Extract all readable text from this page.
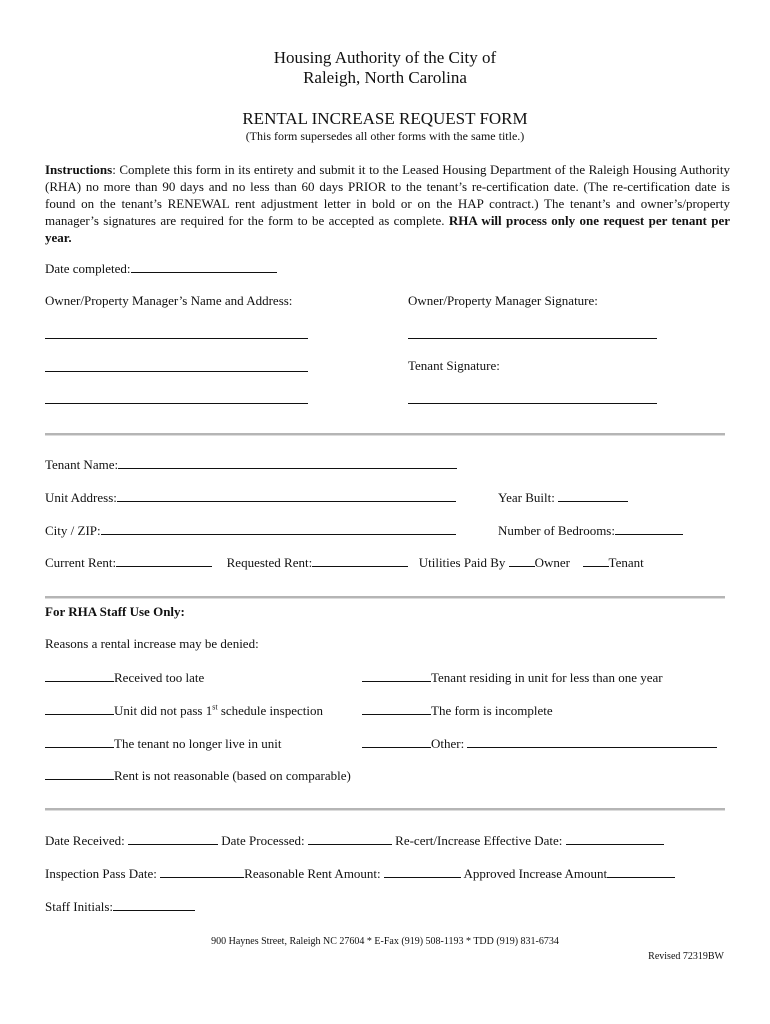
Housing Authority of the City of
Raleigh, North Carolina
RENTAL INCREASE REQUEST FORM
(This form supersedes all other forms with the same title.)
Instructions: Complete this form in its entirety and submit it to the Leased Housing Department of the Raleigh Housing Authority (RHA) no more than 90 days and no less than 60 days PRIOR to the tenant’s re-certification date. (The re-certification date is found on the tenant’s RENEWAL rent adjustment letter in bold or on the HAP contract.) The tenant’s and owner’s/property manager’s signatures are required for the form to be accepted as complete. RHA will process only one request per tenant per year.
Date completed:
Owner/Property Manager’s Name and Address:	Owner/Property Manager Signature:
Tenant Signature:
Tenant Name:
Unit Address:	Year Built:
City / ZIP:	Number of Bedrooms:
Current Rent:	Requested Rent:	Utilities Paid By Owner	Tenant
For RHA Staff Use Only:
Reasons a rental increase may be denied:
Received too late	Tenant residing in unit for less than one year
Unit did not pass 1st schedule inspection	The form is incomplete
The tenant no longer live in unit	Other:
Rent is not reasonable (based on comparable)
Date Received:	Date Processed:	Re-cert/Increase Effective Date:
Inspection Pass Date:	Reasonable Rent Amount:	Approved Increase Amount
Staff Initials:
900 Haynes Street, Raleigh NC 27604 * E-Fax (919) 508-1193 * TDD (919) 831-6734
Revised 72319BW
